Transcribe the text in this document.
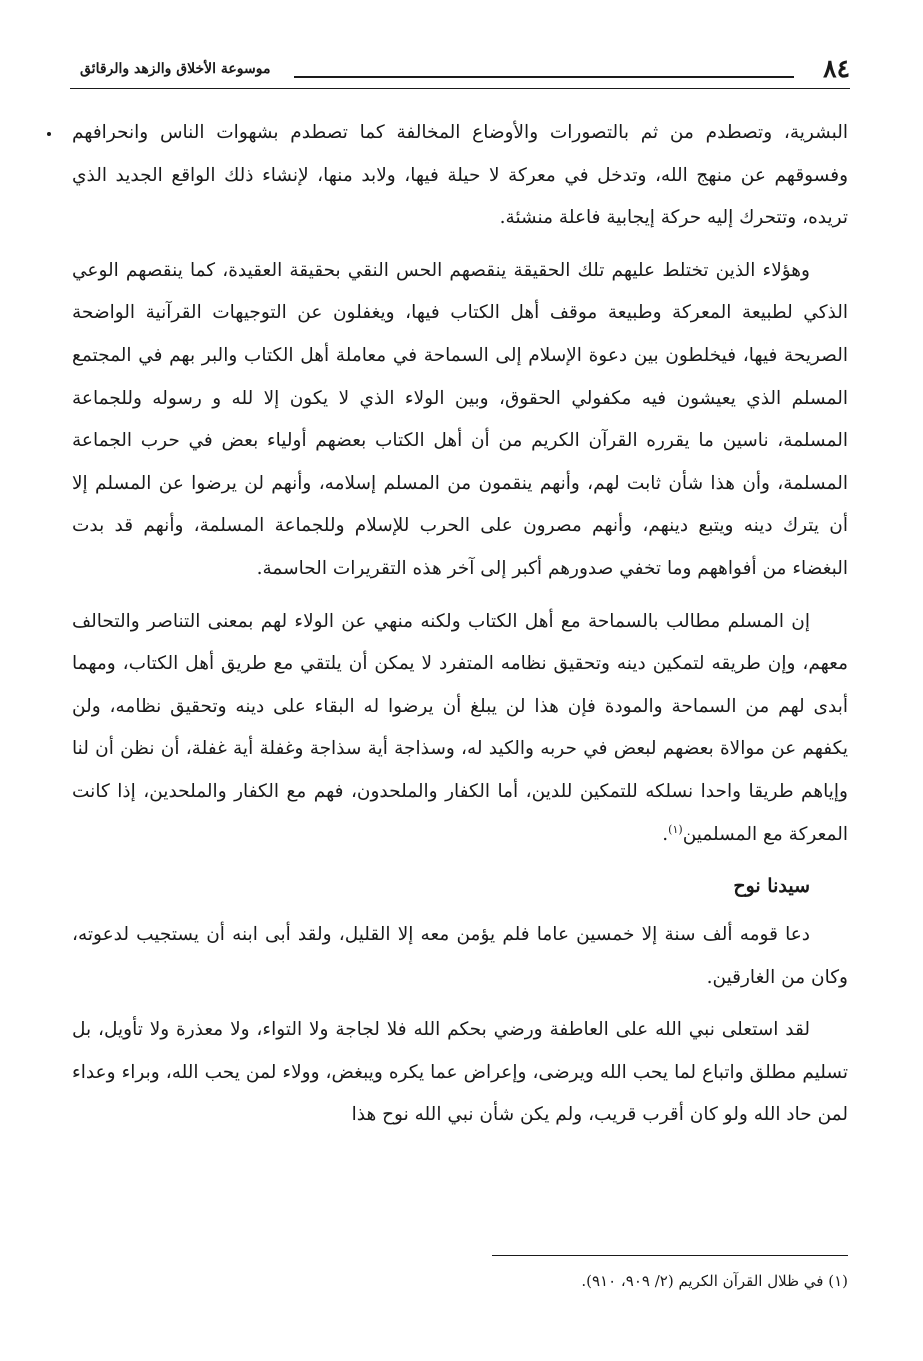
٨٤
موسوعة الأخلاق والزهد والرقائق

البشرية، وتصطدم من ثم بالتصورات والأوضاع المخالفة كما تصطدم بشهوات الناس وانحرافهم وفسوقهم عن منهج الله، وتدخل في معركة لا حيلة فيها، ولابد منها، لإنشاء ذلك الواقع الجديد الذي تريده، وتتحرك إليه حركة إيجابية فاعلة منشئة.

وهؤلاء الذين تختلط عليهم تلك الحقيقة ينقصهم الحس النقي بحقيقة العقيدة، كما ينقصهم الوعي الذكي لطبيعة المعركة وطبيعة موقف أهل الكتاب فيها، ويغفلون عن التوجيهات القرآنية الواضحة الصريحة فيها، فيخلطون بين دعوة الإسلام إلى السماحة في معاملة أهل الكتاب والبر بهم في المجتمع المسلم الذي يعيشون فيه مكفولي الحقوق، وبين الولاء الذي لا يكون إلا لله و رسوله وللجماعة المسلمة، ناسين ما يقرره القرآن الكريم من أن أهل الكتاب بعضهم أولياء بعض في حرب الجماعة المسلمة، وأن هذا شأن ثابت لهم، وأنهم ينقمون من المسلم إسلامه، وأنهم لن يرضوا عن المسلم إلا أن يترك دينه ويتبع دينهم، وأنهم مصرون على الحرب للإسلام وللجماعة المسلمة، وأنهم قد بدت البغضاء من أفواههم وما تخفي صدورهم أكبر إلى آخر هذه التقريرات الحاسمة.

إن المسلم مطالب بالسماحة مع أهل الكتاب ولكنه منهي عن الولاء لهم بمعنى التناصر والتحالف معهم، وإن طريقه لتمكين دينه وتحقيق نظامه المتفرد لا يمكن أن يلتقي مع طريق أهل الكتاب، ومهما أبدى لهم من السماحة والمودة فإن هذا لن يبلغ أن يرضوا له البقاء على دينه وتحقيق نظامه، ولن يكفهم عن موالاة بعضهم لبعض في حربه والكيد له، وسذاجة أية سذاجة وغفلة أية غفلة، أن نظن أن لنا وإياهم طريقا واحدا نسلكه للتمكين للدين، أما الكفار والملحدون، فهم مع الكفار والملحدين، إذا كانت المعركة مع المسلمين$^{(١)}$.

سيدنا نوح

دعا قومه ألف سنة إلا خمسين عاما فلم يؤمن معه إلا القليل، ولقد أبى ابنه أن يستجيب لدعوته، وكان من الغارقين.

لقد استعلى نبي الله على العاطفة ورضي بحكم الله فلا لجاجة ولا التواء، ولا معذرة ولا تأويل، بل تسليم مطلق واتباع لما يحب الله ويرضى، وإعراض عما يكره ويبغض، وولاء لمن يحب الله، وبراء وعداء لمن حاد الله ولو كان أقرب قريب، ولم يكن شأن نبي الله نوح هذا

(١) في ظلال القرآن الكريم (٢/ ٩٠٩، ٩١٠).
